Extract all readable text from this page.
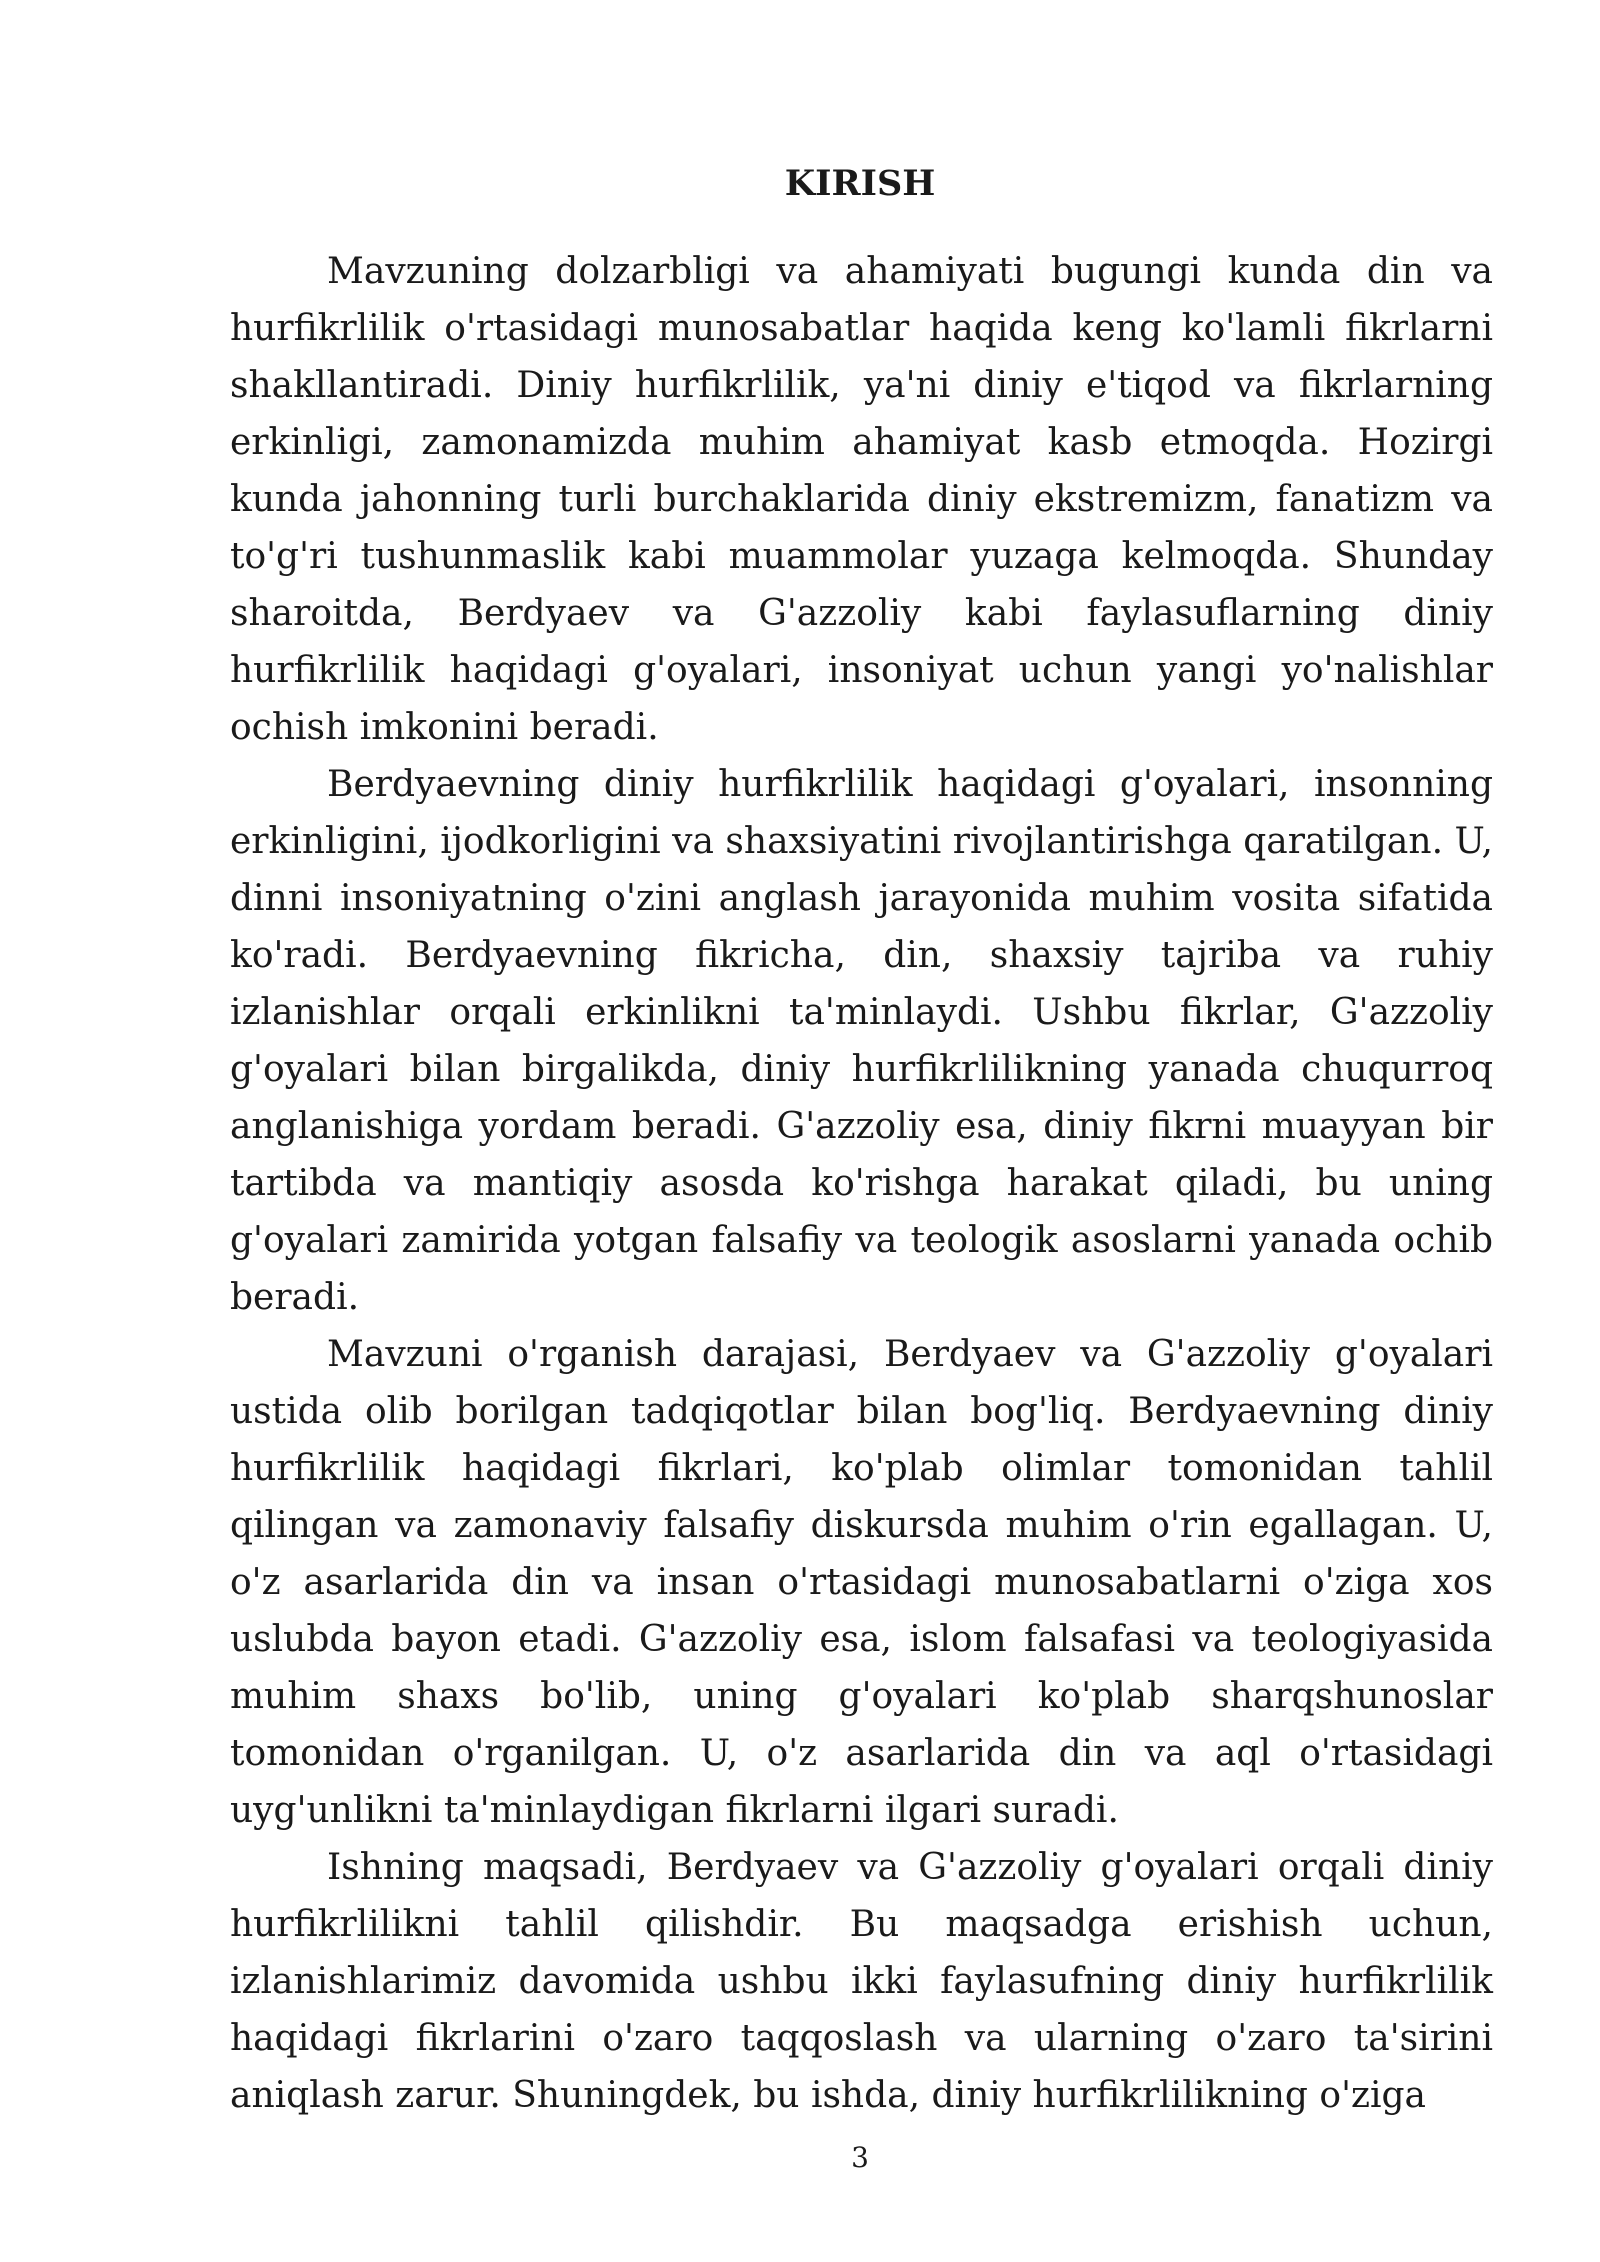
KIRISH

Mavzuning dolzarbligi va ahamiyati bugungi kunda din va hurfikrlilik o'rtasidagi munosabatlar haqida keng ko'lamli fikrlarni shakllantiradi. Diniy hurfikrlilik, ya'ni diniy e'tiqod va fikrlarning erkinligi, zamonamizda muhim ahamiyat kasb etmoqda. Hozirgi kunda jahonning turli burchaklarida diniy ekstremizm, fanatizm va to'g'ri tushunmaslik kabi muammolar yuzaga kelmoqda. Shunday sharoitda, Berdyaev va G'azzoliy kabi faylasuflarning diniy hurfikrlilik haqidagi g'oyalari, insoniyat uchun yangi yo'nalishlar ochish imkonini beradi.

Berdyaevning diniy hurfikrlilik haqidagi g'oyalari, insonning erkinligini, ijodkorligini va shaxsiyatini rivojlantirishga qaratilgan. U, dinni insoniyatning o'zini anglash jarayonida muhim vosita sifatida ko'radi. Berdyaevning fikricha, din, shaxsiy tajriba va ruhiy izlanishlar orqali erkinlikni ta'minlaydi. Ushbu fikrlar, G'azzoliy g'oyalari bilan birgalikda, diniy hurfikrlilikning yanada chuqurroq anglanishiga yordam beradi. G'azzoliy esa, diniy fikrni muayyan bir tartibda va mantiqiy asosda ko'rishga harakat qiladi, bu uning g'oyalari zamirida yotgan falsafiy va teologik asoslarni yanada ochib beradi.

Mavzuni o'rganish darajasi, Berdyaev va G'azzoliy g'oyalari ustida olib borilgan tadqiqotlar bilan bog'liq. Berdyaevning diniy hurfikrlilik haqidagi fikrlari, ko'plab olimlar tomonidan tahlil qilingan va zamonaviy falsafiy diskursda muhim o'rin egallagan. U, o'z asarlarida din va insan o'rtasidagi munosabatlarni o'ziga xos uslubda bayon etadi. G'azzoliy esa, islom falsafasi va teologiyasida muhim shaxs bo'lib, uning g'oyalari ko'plab sharqshunoslar tomonidan o'rganilgan. U, o'z asarlarida din va aql o'rtasidagi uyg'unlikni ta'minlaydigan fikrlarni ilgari suradi.

Ishning maqsadi, Berdyaev va G'azzoliy g'oyalari orqali diniy hurfikrlilikni tahlil qilishdir. Bu maqsadga erishish uchun, izlanishlarimiz davomida ushbu ikki faylasufning diniy hurfikrlilik haqidagi fikrlarini o'zaro taqqoslash va ularning o'zaro ta'sirini aniqlash zarur. Shuningdek, bu ishda, diniy hurfikrlilikning o'ziga

3
